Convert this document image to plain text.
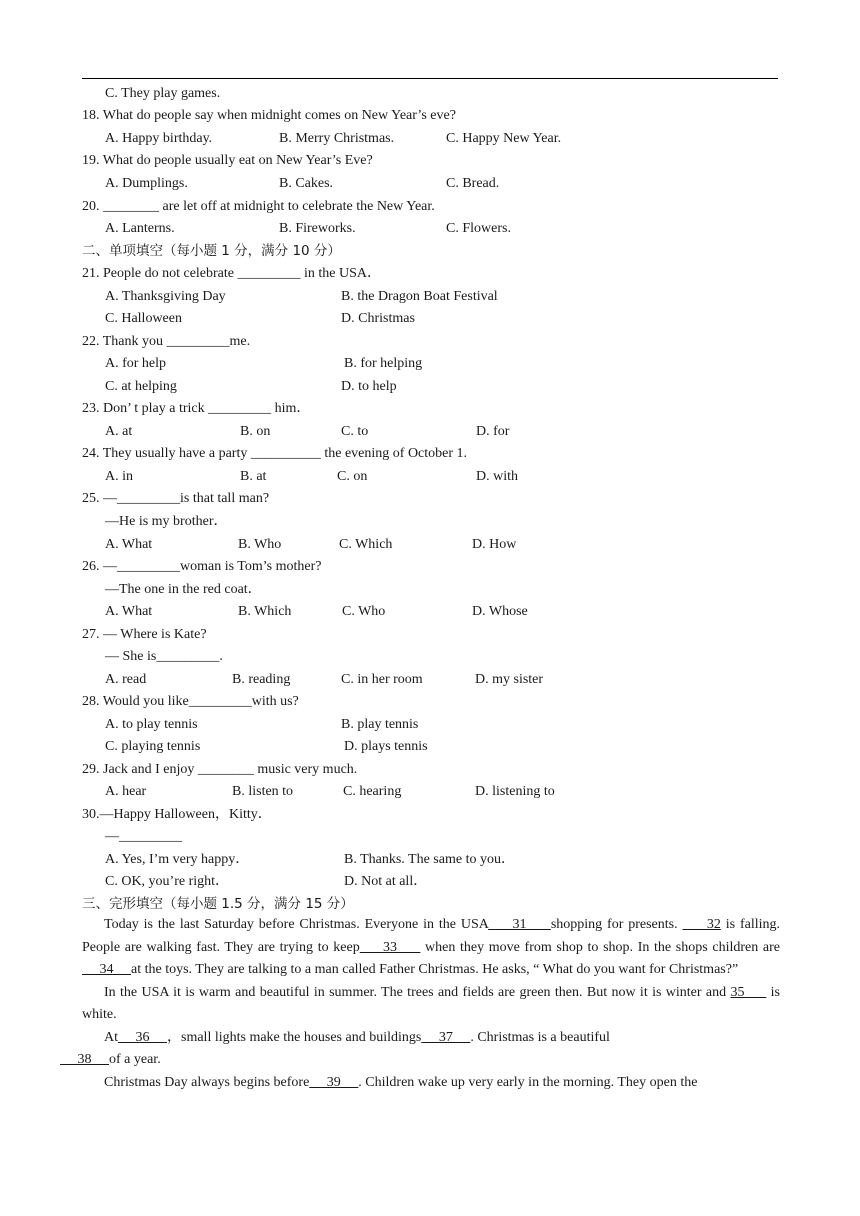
C. They play games.
18. What do people say when midnight comes on New Year’s eve?
A. Happy birthday.	B. Merry Christmas.	C. Happy New Year.
19. What do people usually eat on New Year’s Eve?
A. Dumplings.	B. Cakes.	C. Bread.
20. ________ are let off at midnight to celebrate the New Year.
A. Lanterns.	B. Fireworks.	C. Flowers.
二、单项填空（每小题 1 分，满分 10 分）
21. People do not celebrate _________ in the USA．
A. Thanksgiving Day	B. the Dragon Boat Festival
C. Halloween	D. Christmas
22. Thank you _________me.
A. for help	B. for helping
C. at helping	D. to help
23. Don’ t play a trick _________ him．
A. at	B. on	C. to	D. for
24. They usually have a party __________ the evening of October 1.
A. in	B. at	C. on	D. with
25. —_________is that tall man?
—He is my brother．
A. What	B. Who	C. Which	D. How
26. —_________woman is Tom’s mother?
—The one in the red coat．
A. What	B. Which	C. Who	D. Whose
27. — Where is Kate?
— She is_________.
A. read	B. reading	C. in her room	D. my sister
28. Would you like_________with us?
A. to play tennis	B. play tennis
C. playing tennis	D. plays tennis
29. Jack and I enjoy ________ music very much.
A. hear	B. listen to	C. hearing	D. listening to
30.—Happy Halloween，Kitty．
—_________
A. Yes, I’m very happy．	B. Thanks. The same to you．
C. OK, you’re right．	D. Not at all．
三、完形填空（每小题 1.5 分，满分 15 分）

Today is the last Saturday before Christmas. Everyone in the USA     31     shopping for presents.      32 is falling. People are walking fast. They are trying to keep     33      when they move from shop to shop. In the shops children are      34     at the toys. They are talking to a man called Father Christmas. He asks, “ What do you want for Christmas?”

In the USA it is warm and beautiful in summer. The trees and fields are green then. But now it is winter and 35      is white.

At     36     ，small lights make the houses and buildings     37     . Christmas is a beautiful
38     of a year.

Christmas Day always begins before     39     . Children wake up very early in the morning. They open the
